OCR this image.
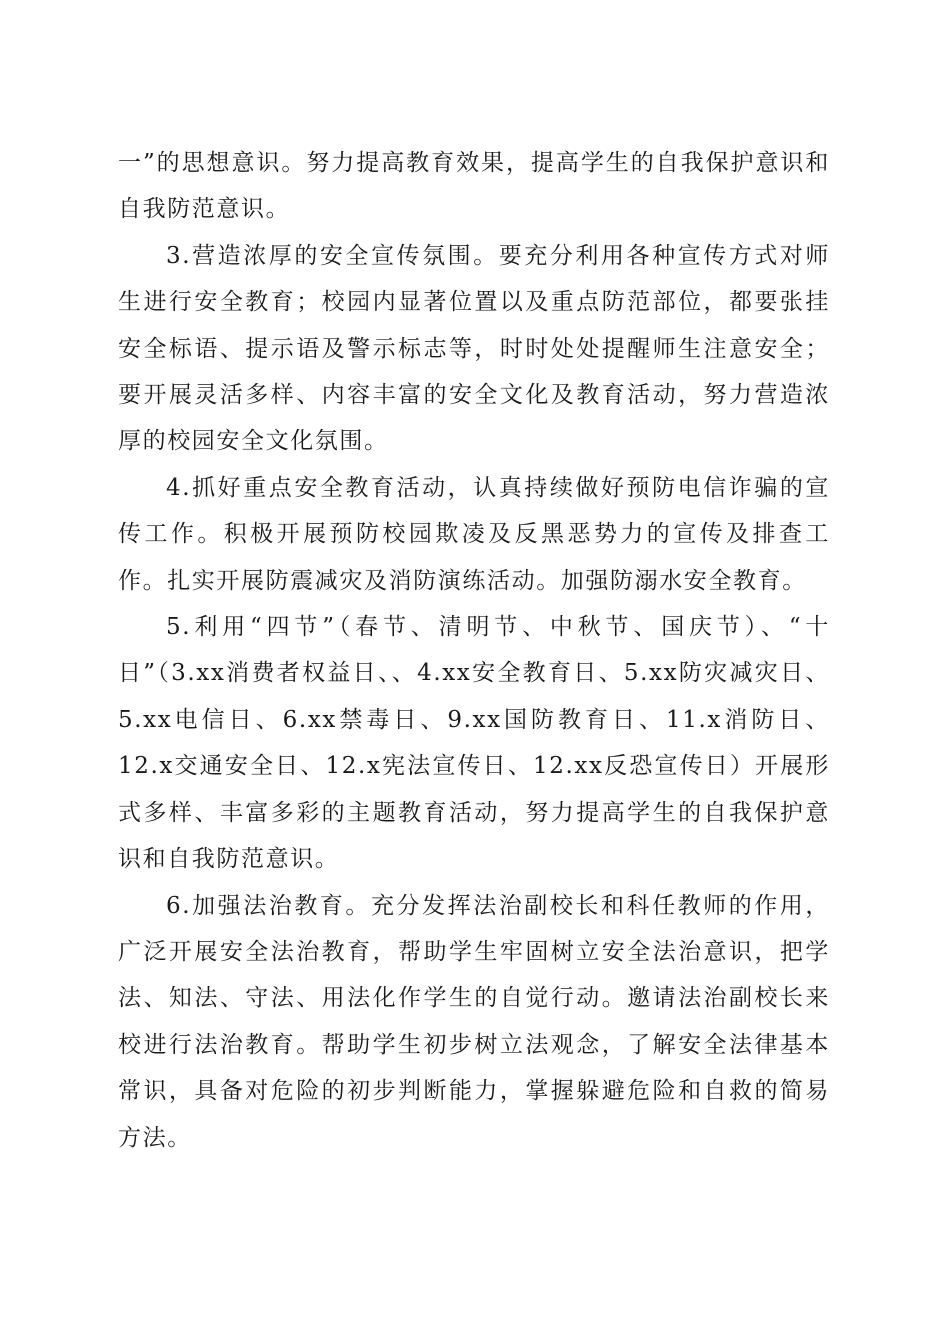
一”的思想意识。努力提高教育效果，提高学生的自我保护意识和自我防范意识。

3.营造浓厚的安全宣传氛围。要充分利用各种宣传方式对师生进行安全教育；校园内显著位置以及重点防范部位，都要张挂安全标语、提示语及警示标志等，时时处处提醒师生注意安全；要开展灵活多样、内容丰富的安全文化及教育活动，努力营造浓厚的校园安全文化氛围。

4.抓好重点安全教育活动，认真持续做好预防电信诈骗的宣传工作。积极开展预防校园欺凌及反黑恶势力的宣传及排查工作。扎实开展防震减灾及消防演练活动。加强防溺水安全教育。

5.利用“四节”（春节、清明节、中秋节、国庆节）、“十日”（3.xx消费者权益日、、4.xx安全教育日、5.xx防灾减灾日、5.xx电信日、6.xx禁毒日、9.xx国防教育日、11.x消防日、12.x交通安全日、12.x宪法宣传日、12.xx反恐宣传日）开展形式多样、丰富多彩的主题教育活动，努力提高学生的自我保护意识和自我防范意识。

6.加强法治教育。充分发挥法治副校长和科任教师的作用，广泛开展安全法治教育，帮助学生牢固树立安全法治意识，把学法、知法、守法、用法化作学生的自觉行动。邀请法治副校长来校进行法治教育。帮助学生初步树立法观念，了解安全法律基本常识，具备对危险的初步判断能力，掌握躲避危险和自救的简易方法。
